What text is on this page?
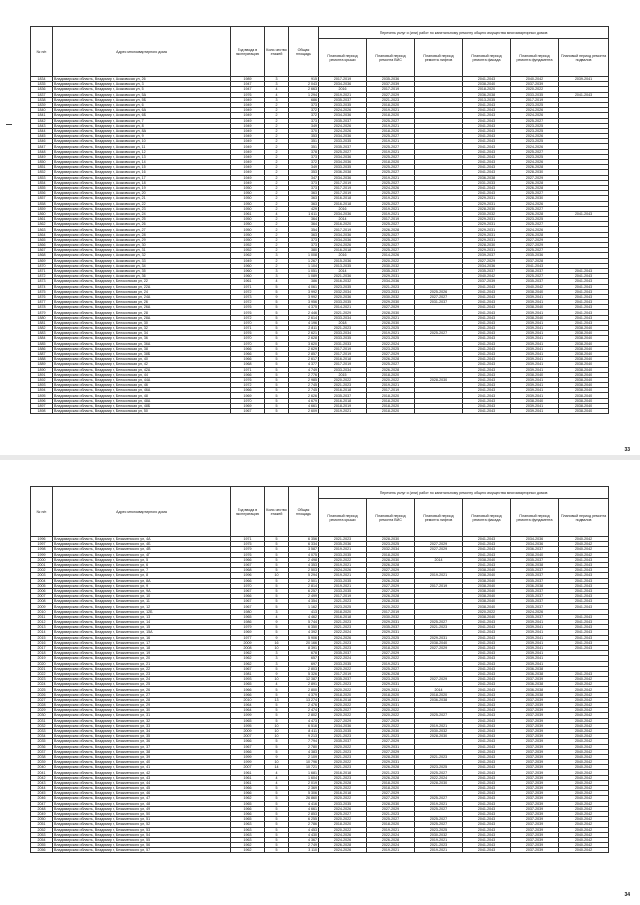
№ п/п	Адрес многоквартирного дома	Год ввода в эксплуатацию	Коли-чество этажей	Общая площадь	Перечень услуг и (или) работ по капитальному ремонту общего имущества многоквартирных домов					
					Плановый период ремонта крыши	Плановый период ремонта ВИС	Плановый период ремонта лифтов	Плановый период ремонта фасада	Плановый период ремонта фундамента	Плановый период ремонта подвалов
1834	Владимирская область, Владимир г, Асаковская ул, 26	1989	3	915	2017-2019	2035-2036		2041-2043	2040-2042	2039-2041
1835	Владимирская область, Владимир г, Асаковская ул, 3	1947	3	2 043	2034-2036	2037-2039		2038-2040	2037-2039	
1836	Владимирская область, Владимир г, Асаковская ул, 5	1947	4	2 663	2016	2017-2019		2018-2020	2020-2022	
1837	Владимирская область, Владимир г, Асаковская ул, 5А	1976	4	1 294	2019-2021	2027-2029		2036-2038	2033-2035	2041-2043
1838	Владимирская область, Владимир г, Асаковская ул, 5Б	1949	3	686	2035-2037	2021-2023		2013-2035	2017-2019	
1839	Владимирская область, Владимир г, Асаковская ул, 6	1949	2	373	2033-2035	2018-2020		2041-2043	2023-2025	
1840	Владимирская область, Владимир г, Асаковская ул, 6А	1949	2	372	2024-2026	2019-2021		2041-2043	2024-2026	
1841	Владимирская область, Владимир г, Асаковская ул, 6Б	1949	2	372	2034-2036	2018-2020		2041-2043	2024-2026	
1842	Владимирская область, Владимир г, Асаковская ул, 7	1949	2	373	2035-2037	2025-2027		2041-2043	2025-2027	
1843	Владимирская область, Владимир г, Асаковская ул, 8	1949	2	349	2024-2026	2019-2021		2041-2043	2023-2025	
1844	Владимирская область, Владимир г, Асаковская ул, 8А	1949	2	370	2024-2026	2018-2020		2041-2043	2023-2025	
1845	Владимирская область, Владимир г, Асаковская ул, 9	1949	2	353	2034-2036	2025-2027		2041-2043	2024-2026	
1846	Владимирская область, Владимир г, Асаковская ул, 10	1949	2	351	2033-2035	2019-2021		2041-2043	2023-2025	
1847	Владимирская область, Владимир г, Асаковская ул, 11	1949	2	351	2035-2037	2025-2027		2041-2043	2024-2026	
1848	Владимирская область, Владимир г, Асаковская ул, 12	1949	2	378	2025-2027	2019-2021		2041-2043	2025-2027	
1849	Владимирская область, Владимир г, Асаковская ул, 13	1949	2	373	2034-2036	2025-2027		2041-2043	2023-2025	
1850	Владимирская область, Владимир г, Асаковская ул, 14	1949	2	372	2034-2036	2018-2020		2041-2043	2024-2026	
1851	Владимирская область, Владимир г, Асаковская ул, 15	1949	2	349	2033-2035	2025-2027		2041-2043	2026-2028	
1852	Владимирская область, Владимир г, Асаковская ул, 16	1949	2	353	2036-2038	2025-2027		2041-2043	2028-2030	
1853	Владимирская область, Владимир г, Асаковская ул, 17	1949	2	347	2034-2036	2019-2021		2036-2038	2027-2029	
1854	Владимирская область, Владимир г, Асаковская ул, 18	1949	2	373	2017-2019	2025-2027		2031-2033	2026-2028	
1855	Владимирская область, Владимир г, Асаковская ул, 19	1950	2	373	2017-2019	2024-2026		2041-2043	2026-2028	
1856	Владимирская область, Владимир г, Асаковская ул, 20	1950	2	363	2017-2019	2025-2027		2041-2043	2025-2027	
1857	Владимирская область, Владимир г, Асаковская ул, 21	1950	2	363	2016-2018	2019-2021		2029-2031	2028-2030	
1858	Владимирская область, Владимир г, Асаковская ул, 22	1950	2	363	2016-2018	2025-2027		2029-2031	2024-2026	
1859	Владимирская область, Владимир г, Асаковская ул, 23	1950	2	429	2016	2019-2021		2028-2030	2025-2027	
1860	Владимирская область, Владимир г, Асаковская ул, 24	1961	4	1 611	2034-2036	2019-2021		2030-2032	2026-2028	2041-2043
1861	Владимирская область, Владимир г, Асаковская ул, 25	1950	2	364	2014	2017-2019		2029-2031	2023-2025	
1862	Владимирская область, Владимир г, Асаковская ул, 26	1950	2	364	2016-2020	2025-2027		2029-2031	2025-2027	
1863	Владимирская область, Владимир г, Асаковская ул, 27	1950	2	354	2017-2019	2026-2028		2029-2031	2024-2026	
1864	Владимирская область, Владимир г, Асаковская ул, 28	1950	2	363	2034-2036	2025-2027		2029-2031	2026-2028	
1865	Владимирская область, Владимир г, Асаковская ул, 29	1950	2	373	2034-2036	2025-2027		2029-2031	2027-2029	
1866	Владимирская область, Владимир г, Асаковская ул, 30	1952	2	373	2024-2026	2025-2027		2028-2030	2027-2029	
1867	Владимирская область, Владимир г, Асаковская ул, 31	1952	2	380	2016-2018	2025-2027		2029-2031	2025-2027	
1868	Владимирская область, Владимир г, Асаковская ул, 32	1962	3	1 008	2016	2014-2026		2039-2037	2035-2036	
1869	Владимирская область, Владимир г, Асаковская ул, 33	1949	2	1 267	2015-2036	2020-2022		2027-2029	2037-2028	
1870	Владимирская область, Владимир г, Асаковская ул, 34	1960	2	1 104	2013-2035	2030-2032		2034-2036	2041-2043	
1871	Владимирская область, Владимир г, Асаковская ул, 35	1960	3	1 051	2014	2035-2037		2035-2037	2038-2037	2041-2043
1872	Владимирская область, Владимир г, Асаковская ул, 36	1960	3	1 089	2021-2036	2029-2031		2040-2042	2025-2027	2041-2043
1873	Владимирская область, Владимир г, Белоконская ул, 22	1961	4	386	2016-2032	2034-2036		2037-2039	2035-2037	2041-2043
1874	Владимирская область, Владимир г, Белоконская ул, 22А	1971	5	4 061	2023-2035	2021-2023		2041-2043	2040-2042	2041-2043
1875	Владимирская область, Владимир г, Белоконская ул, 24	1972	5	3 992	2032-2034	2023-2031	2025-2026	2041-2043	2038-2040	2041-2043
1876	Владимирская область, Владимир г, Белоконская ул, 24А	1973	9	3 992	2020-2036	2030-2032	2027-2027	2041-2043	2039-2041	2041-2043
1877	Владимирская область, Владимир г, Белоконская ул, 26	1972	5	3 956	2033-2035	2029-2030	2031-2037	2041-2043	2039-2041	2041-2043
1878	Владимирская область, Владимир г, Белоконская ул, 26А	1976	5	4 375	2014-2021	2027-2029		2041-2043	2038-2040	2041-2043
1879	Владимирская область, Владимир г, Белоконская ул, 28	1976	5	2 446	2021-2029	2028-2030		2041-2043	2039-2041	2041-2043
1880	Владимирская область, Владимир г, Белоконская ул, 28А	1972	5	2 614	2033-2034	2020-2021		2041-2043	2038-2040	2041-2043
1881	Владимирская область, Владимир г, Белоконская ул, 30	1970	5	4 196	2018	2028-2030		2041-2043	2039-2041	2041-2043
1882	Владимирская область, Владимир г, Белоконская ул, 32	1971	5	2 811	2021-2023	2023-2025		2041-2043	2039-2041	2038-2040
1883	Владимирская область, Владимир г, Белоконская ул, 34	1976	5	2 621	2033-2034	2019-2021	2025-2027	2041-2043	2039-2041	2038-2040
1884	Владимирская область, Владимир г, Белоконская ул, 36	1970	5	2 628	2033-2035	2023-2025		2041-2043	2039-2041	2038-2040
1885	Владимирская область, Владимир г, Белоконская ул, 36А	1970	5	3 620	2031-2033	2022-2024		2041-2043	2039-2041	2038-2040
1886	Владимирская область, Владимир г, Белоконская ул, 38	1966	5	2 629	2017-2019	2023-2025		2041-2043	2039-2041	2038-2040
1887	Владимирская область, Владимир г, Белоконская ул, 38Б	1966	5	2 857	2017-2019	2027-2029		2041-2043	2039-2041	2038-2040
1888	Владимирская область, Владимир г, Белоконская ул, 40	1966	5	2 617	2016-2018	2026-2028		2041-2043	2039-2041	2038-2040
1889	Владимирская область, Владимир г, Белоконская ул, 42	1968	5	4 377	2017-2019	2025-2027		2041-2043	2039-2041	2038-2040
1890	Владимирская область, Владимир г, Белоконская ул, 42А	1971	5	4 749	2033-2034	2026-2028		2041-2043	2039-2041	2038-2040
1891	Владимирская область, Владимир г, Белоконская ул, 44	1966	5	2 776	2015	2018-2020		2041-2043	2038-2040	2038-2040
1892	Владимирская область, Владимир г, Белоконская ул, 44А	1976	5	2 985	2020-2022	2020-2022	2028-2030	2041-2043	2039-2041	2038-2040
1893	Владимирская область, Владимир г, Белоконская ул, 46	1972	5	2 745	2021-2023	2019-2021		2041-2043	2039-2041	2038-2040
1894	Владимирская область, Владимир г, Белоконская ул, 46А	1966	5	2 745	2016-2018	2017-2019		2041-2043	2039-2041	2038-2040
1895	Владимирская область, Владимир г, Белоконская ул, 48	1969	5	2 626	2035-2037	2018-2020		2041-2043	2039-2041	2038-2040
1896	Владимирская область, Владимир г, Белоконская ул, 48А	1970	5	4 679	2016-2018	2018-2020		2041-2043	2038-2040	2038-2040
1897	Владимирская область, Владимир г, Белоконская ул, 48Б	1969	5	4 661	2018-2019	2018-2020		2041-2043	2039-2041	2038-2040
1898	Владимирская область, Владимир г, Белоконская ул, 50	1967	5	2 609	2019-2021	2018-2020		2041-2043	2039-2041	2038-2040
33
№ п/п	Адрес многоквартирного дома	Год ввода в эксплуатацию	Коли-чество этажей	Общая площадь	Перечень услуг и (или) работ по капитальному ремонту общего имущества многоквартирных домов					
					Плановый период ремонта крыши	Плановый период ремонта ВИС	Плановый период ремонта лифтов	Плановый период ремонта фасада	Плановый период ремонта фундамента	Плановый период ремонта подвалов
1996	Владимирская область, Владимир г, Безыменского ул, 4А	1971	5	6 356	2021-2023	2028-2030		2041-2043	2034-2036	2040-2042
1997	Владимирская область, Владимир г, Безыменского ул, 4Б	1975	5	6 334	2035-2036	2023-2025	2027-2029	2041-2043	2034-2036	2040-2042
1998	Владимирская область, Владимир г, Безыменского ул, 4В	1979	5	3 587	2019-2021	2032-2034	2027-2029	2041-2043	2036-2037	2040-2042
1999	Владимирская область, Владимир г, Безыменского ул, 4Г	1976	5	4 075	2033-2035	2018-2020		2041-2043	2038-2040	2040-2042
2000	Владимирская область, Владимир г, Безыменского ул, 5	1966	5	2 498	2020-2022	2028-2030	2014	2038-2040	2035-2037	2041-2043
2001	Владимирская область, Владимир г, Безыменского ул, 6	1967	5	4 353	2019-2021	2026-2028		2041-2043	2036-2038	2041-2043
2002	Владимирская область, Владимир г, Безыменского ул, 7	1968	5	2 503	2024-2026	2027-2029		2038-2040	2035-2037	2041-2043
2003	Владимирская область, Владимир г, Безыменского ул, 8	1996	10	5 294	2019-2021	2020-2022	2019-2021	2038-2040	2035-2037	2041-2043
2004	Владимирская область, Владимир г, Безыменского ул, 8А	1966	5	2 501	2033-2035	2026-2028		2038-2040	2035-2037	2041-2043
2005	Владимирская область, Владимир г, Безыменского ул, 9	1970	5	2 814	2019-2021	2027-2029	2017-2019	2038-2040	2036-2038	2041-2043
2006	Владимирская область, Владимир г, Безыменского ул, 9А	1967	5	6 257	2033-2035	2027-2029		2038-2040	2035-2037	2041-2043
2007	Владимирская область, Владимир г, Безыменского ул, 10	1966	5	2 499	2017-2019	2026-2028		2038-2040	2035-2037	2041-2043
2008	Владимирская область, Владимир г, Безыменского ул, 11	1967	5	4 354	2021-2023	2028-2030		2038-2040	2035-2037	2041-2043
2009	Владимирская область, Владимир г, Безыменского ул, 12	1967	5	1 162	2023-2025	2020-2022		2038-2040	2035-2037	2041-2043
2010	Владимирская область, Владимир г, Безыменского ул, 12Б	1980	3	413	2018-2020	2017-2019		2020-2022	2024-2026	
2011	Владимирская область, Владимир г, Безыменского ул, 13	1965	4	4 462	2016-2018	2030-2032		2038-2040	2035-2037	2041-2043
2012	Владимирская область, Владимир г, Безыменского ул, 14	1986	9	5 744	2021-2023	2029-2031	2025-2027	2041-2043	2039-2041	2041-2043
2013	Владимирская область, Владимир г, Безыменского ул, 15	1979	5	6 350	2021-2023	2035-2037	2021-2023	2041-2043	2039-2041	2041-2043
2014	Владимирская область, Владимир г, Безыменского ул, 15А	1969	5	4 392	2022-2024	2029-2031		2041-2043	2039-2041	2041-2043
2015	Владимирская область, Владимир г, Безыменского ул, 16	1977	9	5 906	2024-2026	2023-2025	2029-2031	2041-2043	2039-2041	2041-2043
2016	Владимирская область, Владимир г, Безыменского ул, 17	2009	16	20 166	2021-2023	2020-2022	2038-2040	2041-2043	2039-2041	2041-2043
2017	Владимирская область, Владимир г, Безыменского ул, 18	2008	10	8 391	2021-2023	2018-2020	2027-2029	2041-2043	2039-2041	2041-2043
2018	Владимирская область, Владимир г, Безыменского ул, 19	1962	3	678	2035-2037	2027-2029		2041-2043	2039-2041	
2019	Владимирская область, Владимир г, Безыменского ул, 20	1962	3	657	2022-2024	2020-2022		2041-2043	2039-2041	
2020	Владимирская область, Владимир г, Безыменского ул, 21	1962	3	697	2033-2035	2019-2021		2041-2043	2039-2041	
2021	Владимирская область, Владимир г, Безыменского ул, 22	1967	5	2 803	2020-2022	2025-2027		2041-2043	2036-2038	
2022	Владимирская область, Владимир г, Безыменского ул, 23	1981	9	5 326	2017-2019	2026-2028		2041-2043	2036-2038	2041-2043
2023	Владимирская область, Владимир г, Безыменского ул, 24	1993	10	12 387	2035-2037	2023-2025	2027-2029	2041-2043	2037-2039	2040-2042
2024	Владимирская область, Владимир г, Безыменского ул, 25	1965	4	2 891	2021-2023	2029-2031		2041-2043	2036-2038	2040-2042
2025	Владимирская область, Владимир г, Безыменского ул, 26	1966	5	2 800	2020-2022	2029-2031	2014	2041-2043	2036-2038	2040-2042
2026	Владимирская область, Владимир г, Безыменского ул, 27	1966	5	4 379	2018-2020	2018-2020	2018-2020	2041-2043	2036-2038	2040-2042
2027	Владимирская область, Владимир г, Безыменского ул, 28	2010	13	13 274	2016-2018	2029-2031	2036-2038	2041-2043	2037-2039	2040-2042
2028	Владимирская область, Владимир г, Безыменского ул, 29	1964	5	2 476	2020-2022	2029-2031		2041-2043	2037-2039	2040-2042
2029	Владимирская область, Владимир г, Безыменского ул, 30	1964	5	2 474	2025-2027	2020-2022		2041-2043	2037-2039	2040-2042
2030	Владимирская область, Владимир г, Безыменского ул, 31	1999	5	2 802	2020-2022	2020-2022	2025-2027	2041-2043	2037-2039	2040-2042
2031	Владимирская область, Владимир г, Безыменского ул, 32	1965	5	4 473	2027-2029	2027-2029		2041-2043	2037-2039	2040-2042
2032	Владимирская область, Владимир г, Безыменского ул, 33	1995	10	6 516	2034-2036	2020-2022	2019-2021	2041-2043	2037-2039	2040-2042
2033	Владимирская область, Владимир г, Безыменского ул, 34	2009	10	8 411	2033-2035	2028-2030	2030-2032	2041-2043	2037-2039	2040-2042
2034	Владимирская область, Владимир г, Безыменского ул, 35	2007	10	9 213	2021-2023	2021-2023	2028-2030	2041-2043	2037-2039	2040-2042
2035	Владимирская область, Владимир г, Безыменского ул, 36	1966	5	7 794	2035-2037	2027-2029		2041-2043	2037-2039	2040-2042
2036	Владимирская область, Владимир г, Безыменского ул, 37	1967	5	2 780	2020-2022	2029-2031		2041-2043	2037-2039	2040-2042
2037	Владимирская область, Владимир г, Безыменского ул, 38	1966	5	4 383	2021-2023	2027-2029		2041-2043	2037-2039	2040-2042
2038	Владимирская область, Владимир г, Безыменского ул, 39	1999	9	2 109	2021-2023	2028-2030	2021-2023	2041-2043	2037-2039	2040-2042
2039	Владимирская область, Владимир г, Безыменского ул, 40	1999	10	10 796	2020-2022	2029-2031		2041-2043	2037-2039	2040-2042
2040	Владимирская область, Владимир г, Безыменского ул, 41	2007	14	10 721	2021-2023	2026-2028	2023-2025	2041-2043	2037-2039	2040-2042
2041	Владимирская область, Владимир г, Безыменского ул, 42	1961	4	1 681	2016-2018	2021-2023	2025-2027	2041-2043	2037-2039	2040-2042
2042	Владимирская область, Владимир г, Безыменского ул, 43	1961	4	1 604	2021-2023	2026-2028	2022-2024	2041-2043	2037-2039	2040-2042
2043	Владимирская область, Владимир г, Безыменского ул, 44	1961	4	2 019	2026-2028	2018-2020	2028-2030	2041-2043	2037-2039	2040-2042
2044	Владимирская область, Владимир г, Безыменского ул, 45	1966	5	2 369	2020-2022	2018-2020		2041-2043	2037-2039	2040-2042
2045	Владимирская область, Владимир г, Безыменского ул, 46	1966	5	5 306	2016-2018	2027-2029		2041-2043	2037-2039	2040-2042
2046	Владимирская область, Владимир г, Безыменского ул, 47	1962	5	26 860	2020-2022	2027-2029	2025-2027	2041-2043	2037-2039	2040-2042
2047	Владимирская область, Владимир г, Безыменского ул, 48	1965	5	4 416	2033-2035	2028-2030	2019-2021	2041-2043	2037-2039	2040-2042
2048	Владимирская область, Владимир г, Безыменского ул, 49	1966	5	4 661	2024-2026	2027-2029	2025-2027	2041-2043	2037-2039	2040-2042
2049	Владимирская область, Владимир г, Безыменского ул, 50	1966	5	2 853	2025-2027	2021-2023		2041-2043	2037-2039	2040-2042
2050	Владимирская область, Владимир г, Безыменского ул, 51	1965	5	6 255	2020-2022	2025-2027	2025-2027	2041-2043	2037-2039	2040-2042
2051	Владимирская область, Владимир г, Безыменского ул, 52	1963	5	2 786	2018-2020	2018-2020	2025-2027	2041-2043	2037-2039	2040-2042
2052	Владимирская область, Владимир г, Безыменского ул, 53	1963	5	4 453	2020-2022	2019-2021	2023-2025	2041-2043	2037-2039	2040-2042
2053	Владимирская область, Владимир г, Безыменского ул, 54	1963	5	4 430	2024-2026	2022-2024	2030-2032	2041-2043	2037-2039	2040-2042
2054	Владимирская область, Владимир г, Безыменского ул, 55	1963	5	4 367	2024-2026	2026-2028	2019-2021	2041-2043	2037-2039	2040-2042
2055	Владимирская область, Владимир г, Безыменского ул, 56	1962	5	2 749	2026-2028	2022-2024	2021-2023	2041-2043	2037-2039	2040-2042
2056	Владимирская область, Владимир г, Безыменского ул, 57	1962	5	3 110	2024-2026	2019-2021	2019-2021	2041-2043	2037-2039	2040-2042
34
